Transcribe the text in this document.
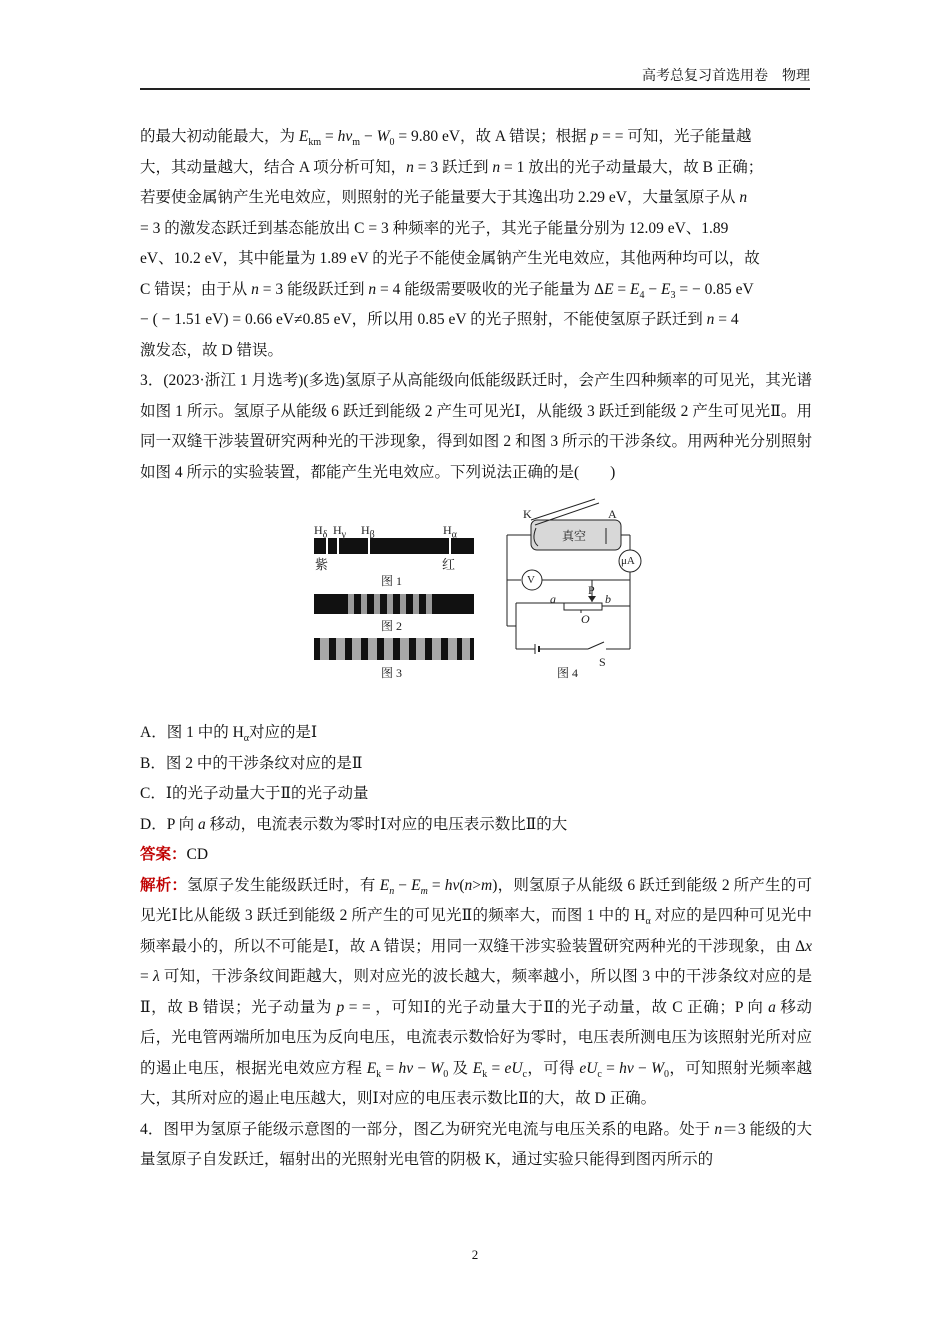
高考总复习首选用卷　物理

的最大初动能最大，为 $E_{km} = h\nu_m - W_0 = 9.80$ eV，故 A 错误；根据 p = = 可知，光子能量越

大，其动量越大，结合 A 项分析可知，n = 3 跃迁到 n = 1 放出的光子动量最大，故 B 正确；

若要使金属钠产生光电效应，则照射的光子能量要大于其逸出功 2.29 eV，大量氢原子从 n

= 3 的激发态跃迁到基态能放出 C = 3 种频率的光子，其光子能量分别为 12.09 eV、1.89

eV、10.2 eV，其中能量为 1.89 eV 的光子不能使金属钠产生光电效应，其他两种均可以，故

C 错误；由于从 n = 3 能级跃迁到 n = 4 能级需要吸收的光子能量为 $\Delta E = E_4 - E_3$ = − 0.85 eV

− ( − 1.51 eV) = 0.66 eV≠0.85 eV，所以用 0.85 eV 的光子照射，不能使氢原子跃迁到 n = 4

激发态，故 D 错误。

3．(2023·浙江 1 月选考)(多选)氢原子从高能级向低能级跃迁时，会产生四种频率的可见光，其光谱如图 1 所示。氢原子从能级 6 跃迁到能级 2 产生可见光Ⅰ，从能级 3 跃迁到能级 2 产生可见光Ⅱ。用同一双缝干涉装置研究两种光的干涉现象，得到如图 2 和图 3 所示的干涉条纹。用两种光分别照射如图 4 所示的实验装置，都能产生光电效应。下列说法正确的是(　　)

$H_\delta$ $H_\gamma$ $H_\beta$	$H_\alpha$
紫	红
图 1
图 2
图 3
K	A
真空
μA
V
P
a	b
O
S
图 4

A．图 1 中的 $H_\alpha$对应的是Ⅰ

B．图 2 中的干涉条纹对应的是Ⅱ

C．Ⅰ的光子动量大于Ⅱ的光子动量

D．P 向 a 移动，电流表示数为零时Ⅰ对应的电压表示数比Ⅱ的大

答案：CD

解析：氢原子发生能级跃迁时，有 $E_n - E_m = h\nu(n>m)$，则氢原子从能级 6 跃迁到能级 2 所产生的可见光Ⅰ比从能级 3 跃迁到能级 2 所产生的可见光Ⅱ的频率大，而图 1 中的 $H_\alpha$ 对应的是四种可见光中频率最小的，所以不可能是Ⅰ，故 A 错误；用同一双缝干涉实验装置研究两种光的干涉现象，由 Δx = λ 可知，干涉条纹间距越大，则对应光的波长越大，频率越小，所以图 3 中的干涉条纹对应的是Ⅱ，故 B 错误；光子动量为 p = = ，可知Ⅰ的光子动量大于Ⅱ的光子动量，故 C 正确；P 向 a 移动后，光电管两端所加电压为反向电压，电流表示数恰好为零时，电压表所测电压为该照射光所对应的遏止电压，根据光电效应方程 $E_k = h\nu - W_0$ 及 $E_k = eU_c$，可得 $eU_c = h\nu - W_0$，可知照射光频率越大，其所对应的遏止电压越大，则Ⅰ对应的电压表示数比Ⅱ的大，故 D 正确。

4．图甲为氢原子能级示意图的一部分，图乙为研究光电流与电压关系的电路。处于 n＝3 能级的大量氢原子自发跃迁，辐射出的光照射光电管的阴极 K，通过实验只能得到图丙所示的

2
